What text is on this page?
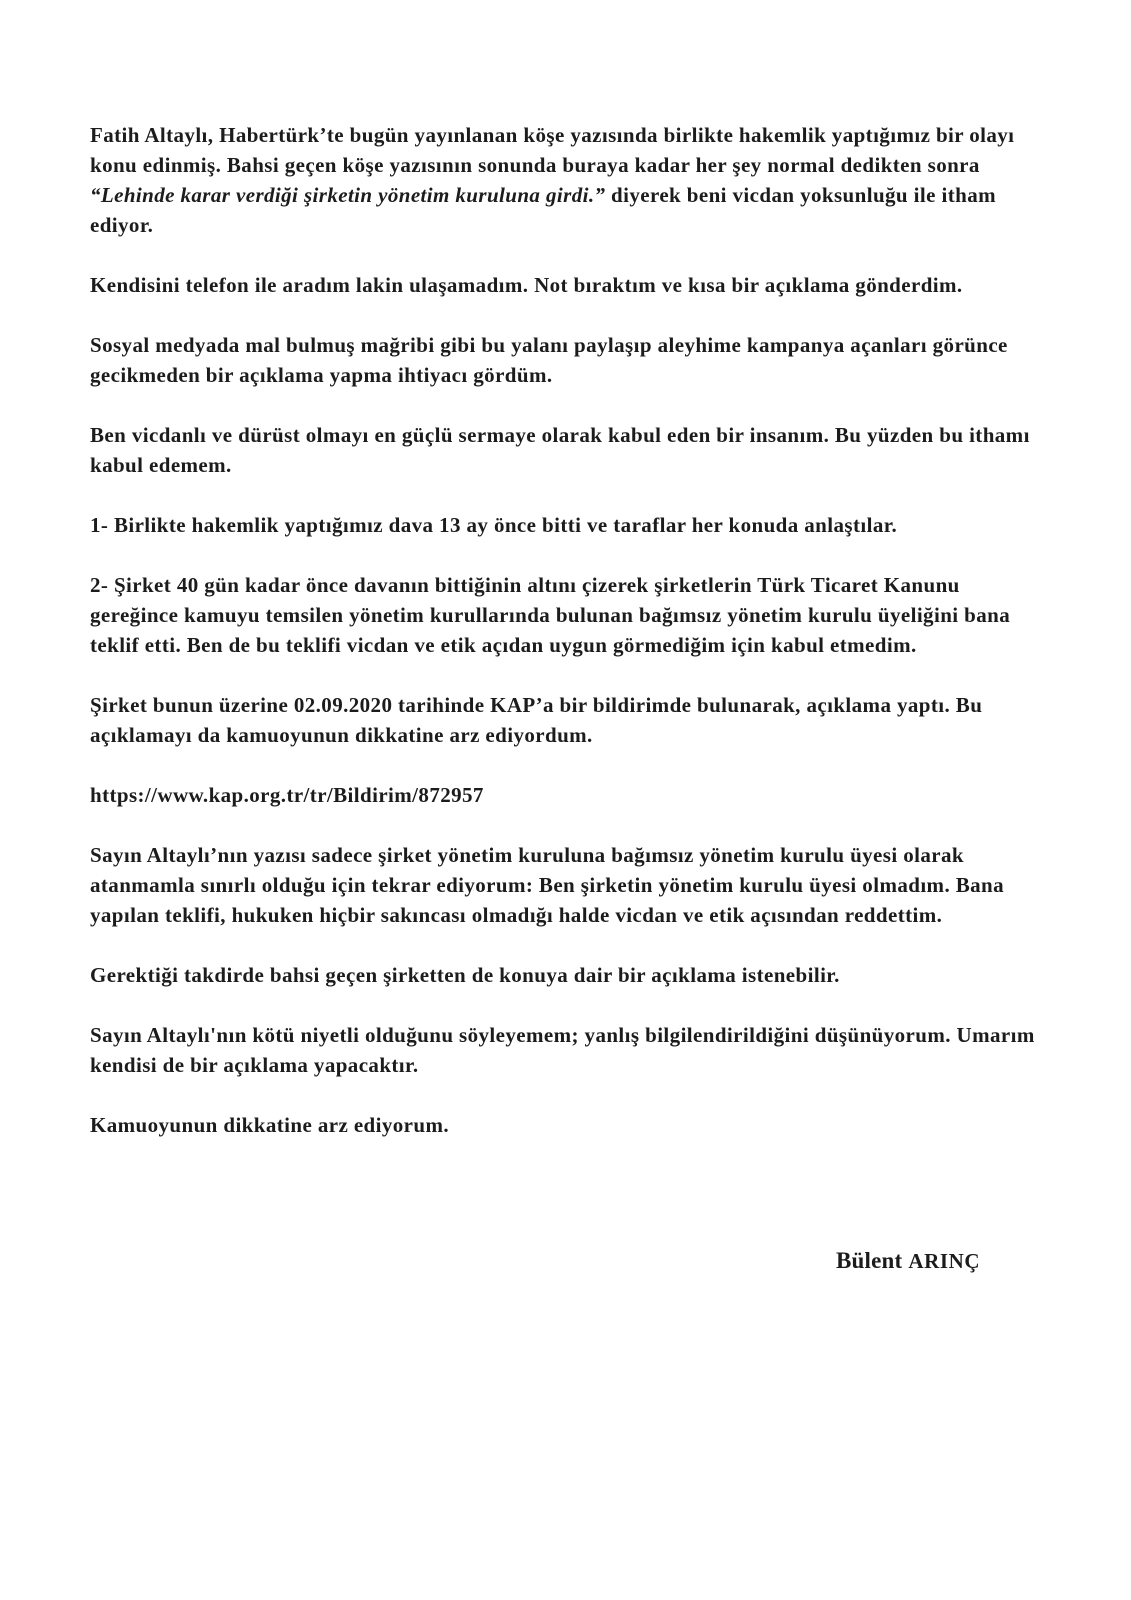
Fatih Altaylı, Habertürk’te bugün yayınlanan köşe yazısında birlikte hakemlik yaptığımız bir olayı konu edinmiş. Bahsi geçen köşe yazısının sonunda buraya kadar her şey normal dedikten sonra “Lehinde karar verdiği şirketin yönetim kuruluna girdi.” diyerek beni vicdan yoksunluğu ile itham ediyor.

Kendisini telefon ile aradım lakin ulaşamadım. Not bıraktım ve kısa bir açıklama gönderdim.

Sosyal medyada mal bulmuş mağribi gibi bu yalanı paylaşıp aleyhime kampanya açanları görünce gecikmeden bir açıklama yapma ihtiyacı gördüm.

Ben vicdanlı ve dürüst olmayı en güçlü sermaye olarak kabul eden bir insanım. Bu yüzden bu ithamı kabul edemem.

1- Birlikte hakemlik yaptığımız dava 13 ay önce bitti ve taraflar her konuda anlaştılar.

2- Şirket 40 gün kadar önce davanın bittiğinin altını çizerek şirketlerin Türk Ticaret Kanunu gereğince kamuyu temsilen yönetim kurullarında bulunan bağımsız yönetim kurulu üyeliğini bana teklif etti. Ben de bu teklifi vicdan ve etik açıdan uygun görmediğim için kabul etmedim.

Şirket bunun üzerine 02.09.2020 tarihinde KAP’a bir bildirimde bulunarak, açıklama yaptı. Bu açıklamayı da kamuoyunun dikkatine arz ediyordum.

https://www.kap.org.tr/tr/Bildirim/872957

Sayın Altaylı’nın yazısı sadece şirket yönetim kuruluna bağımsız yönetim kurulu üyesi olarak atanmamla sınırlı olduğu için tekrar ediyorum: Ben şirketin yönetim kurulu üyesi olmadım. Bana yapılan teklifi, hukuken hiçbir sakıncası olmadığı halde vicdan ve etik açısından reddettim.

Gerektiği takdirde bahsi geçen şirketten de konuya dair bir açıklama istenebilir.

Sayın Altaylı'nın kötü niyetli olduğunu söyleyemem; yanlış bilgilendirildiğini düşünüyorum. Umarım kendisi de bir açıklama yapacaktır.

Kamuoyunun dikkatine arz ediyorum.

Bülent ARINÇ
